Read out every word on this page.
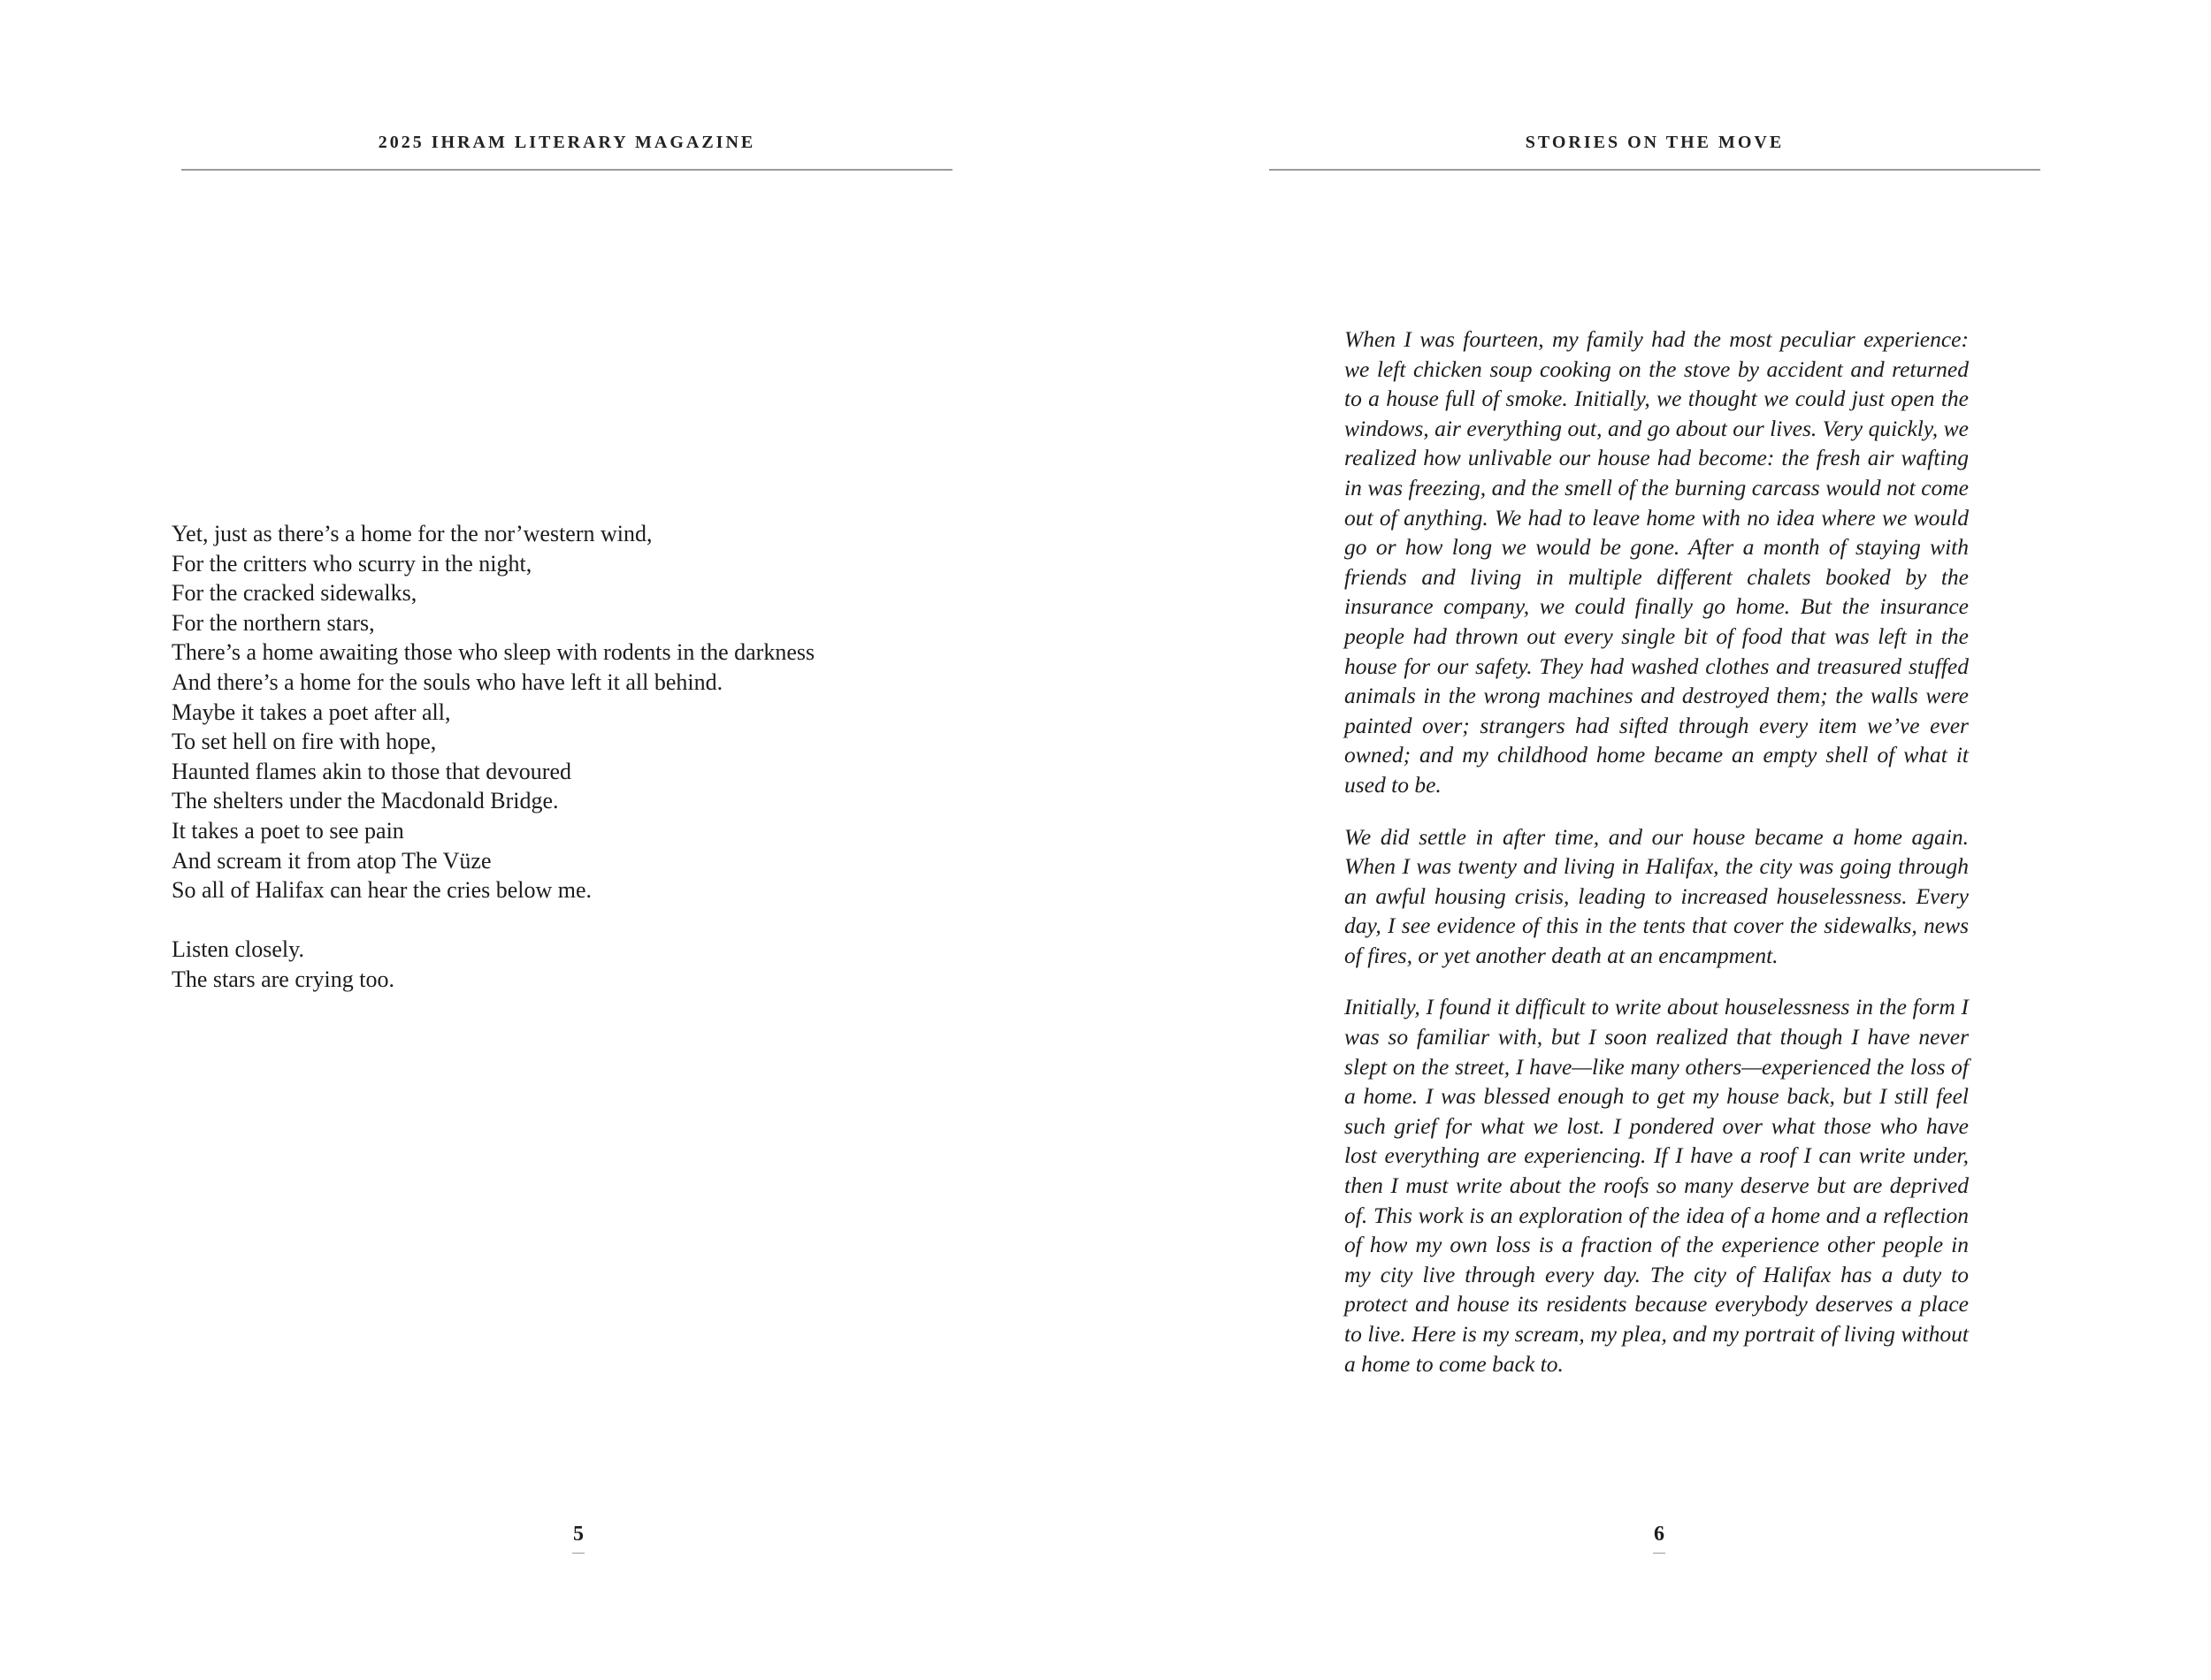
2025 IHRAM LITERARY MAGAZINE
Yet, just as there’s a home for the nor’western wind,
For the critters who scurry in the night,
For the cracked sidewalks,
For the northern stars,
There’s a home awaiting those who sleep with rodents in the darkness
And there’s a home for the souls who have left it all behind.
Maybe it takes a poet after all,
To set hell on fire with hope,
Haunted flames akin to those that devoured
The shelters under the Macdonald Bridge.
It takes a poet to see pain
And scream it from atop The Vüze
So all of Halifax can hear the cries below me.
Listen closely.
The stars are crying too.
5
STORIES ON THE MOVE

When I was fourteen, my family had the most peculiar experience: we left chicken soup cooking on the stove by accident and returned to a house full of smoke. Initially, we thought we could just open the windows, air everything out, and go about our lives. Very quickly, we realized how unlivable our house had become: the fresh air wafting in was freezing, and the smell of the burning carcass would not come out of anything. We had to leave home with no idea where we would go or how long we would be gone. After a month of staying with friends and living in multiple different chalets booked by the insurance company, we could finally go home. But the insurance people had thrown out every single bit of food that was left in the house for our safety. They had washed clothes and treasured stuffed animals in the wrong machines and destroyed them; the walls were painted over; strangers had sifted through every item we’ve ever owned; and my childhood home became an empty shell of what it used to be.

We did settle in after time, and our house became a home again. When I was twenty and living in Halifax, the city was going through an awful housing crisis, leading to increased houselessness. Every day, I see evidence of this in the tents that cover the sidewalks, news of fires, or yet another death at an encampment.

Initially, I found it difficult to write about houselessness in the form I was so familiar with, but I soon realized that though I have never slept on the street, I have—like many others—experienced the loss of a home. I was blessed enough to get my house back, but I still feel such grief for what we lost. I pondered over what those who have lost everything are experiencing. If I have a roof I can write under, then I must write about the roofs so many deserve but are deprived of. This work is an exploration of the idea of a home and a reflection of how my own loss is a fraction of the experience other people in my city live through every day. The city of Halifax has a duty to protect and house its residents because everybody deserves a place to live. Here is my scream, my plea, and my portrait of living without a home to come back to.

6
